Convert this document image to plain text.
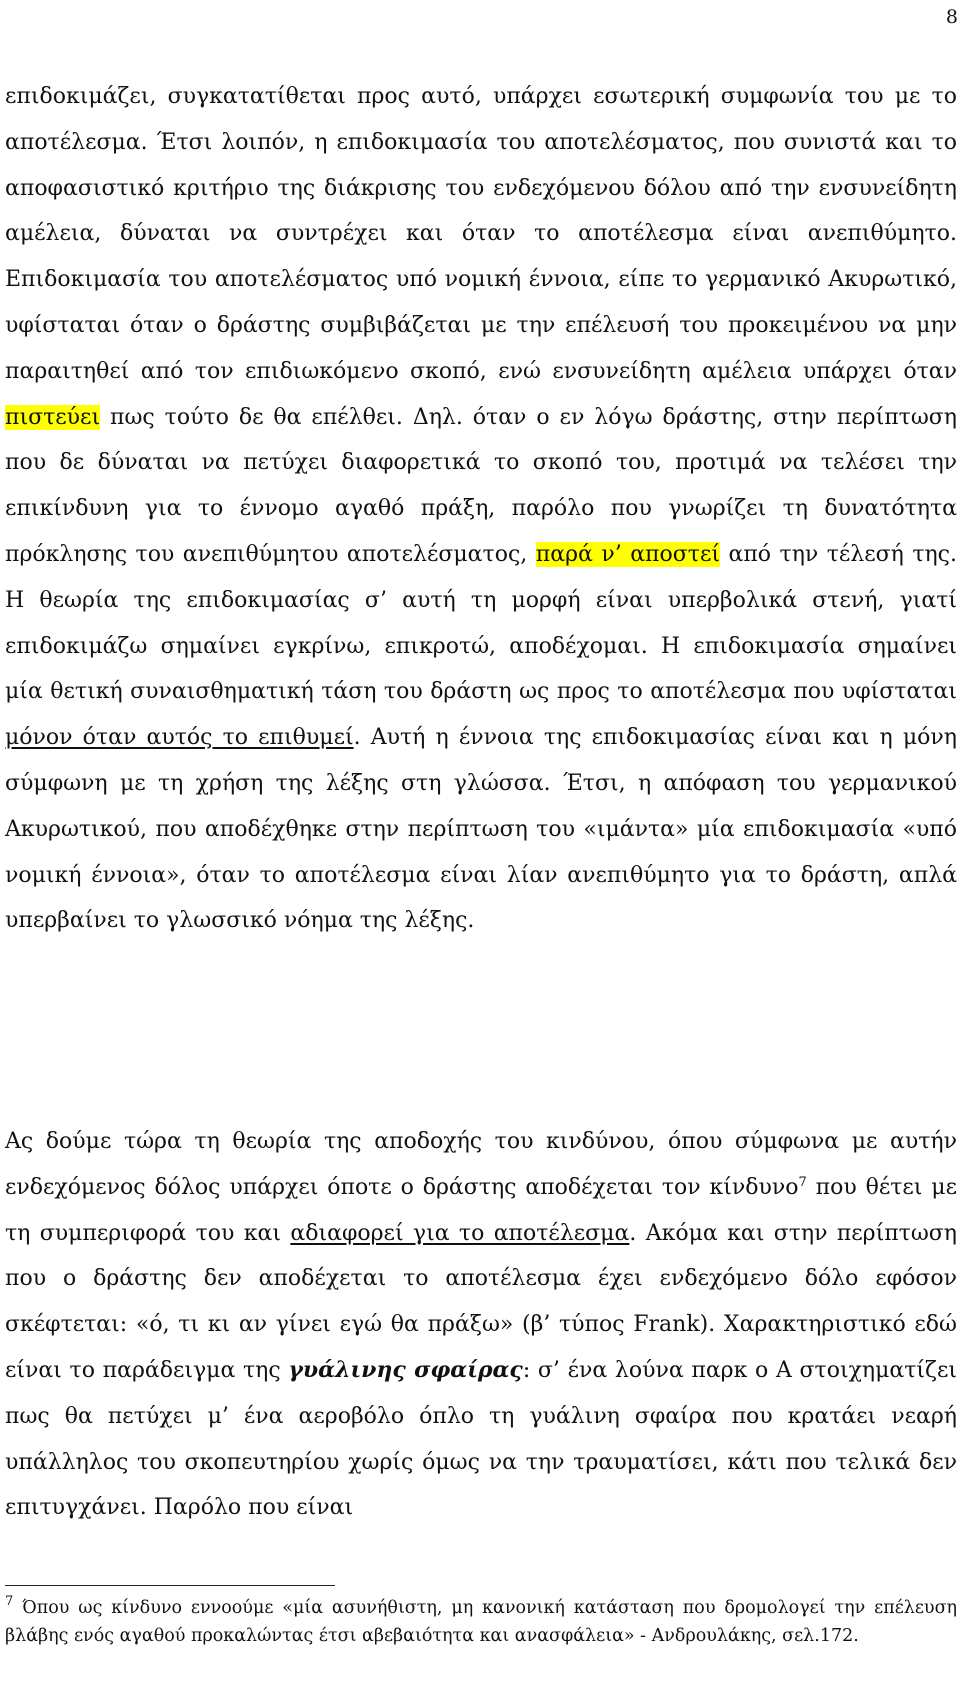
8

επιδοκιμάζει, συγκατατίθεται προς αυτό, υπάρχει εσωτερική συμφωνία του με το αποτέλεσμα. Έτσι λοιπόν, η επιδοκιμασία του αποτελέσματος, που συνιστά και το αποφασιστικό κριτήριο της διάκρισης του ενδεχόμενου δόλου από την ενσυνείδητη αμέλεια, δύναται να συντρέχει και όταν το αποτέλεσμα είναι ανεπιθύμητο. Επιδοκιμασία του αποτελέσματος υπό νομική έννοια, είπε το γερμανικό Ακυρωτικό, υφίσταται όταν ο δράστης συμβιβάζεται με την επέλευσή του προκειμένου να μην παραιτηθεί από τον επιδιωκόμενο σκοπό, ενώ ενσυνείδητη αμέλεια υπάρχει όταν πιστεύει πως τούτο δε θα επέλθει. Δηλ. όταν ο εν λόγω δράστης, στην περίπτωση που δε δύναται να πετύχει διαφορετικά το σκοπό του, προτιμά να τελέσει την επικίνδυνη για το έννομο αγαθό πράξη, παρόλο που γνωρίζει τη δυνατότητα πρόκλησης του ανεπιθύμητου αποτελέσματος, παρά ν’ αποστεί από την τέλεσή της. Η θεωρία της επιδοκιμασίας σ’ αυτή τη μορφή είναι υπερβολικά στενή, γιατί επιδοκιμάζω σημαίνει εγκρίνω, επικροτώ, αποδέχομαι. Η επιδοκιμασία σημαίνει μία θετική συναισθηματική τάση του δράστη ως προς το αποτέλεσμα που υφίσταται μόνον όταν αυτός το επιθυμεί. Αυτή η έννοια της επιδοκιμασίας είναι και η μόνη σύμφωνη με τη χρήση της λέξης στη γλώσσα. Έτσι, η απόφαση του γερμανικού Ακυρωτικού, που αποδέχθηκε στην περίπτωση του «ιμάντα» μία επιδοκιμασία «υπό νομική έννοια», όταν το αποτέλεσμα είναι λίαν ανεπιθύμητο για το δράστη, απλά υπερβαίνει το γλωσσικό νόημα της λέξης.

Ας δούμε τώρα τη θεωρία της αποδοχής του κινδύνου, όπου σύμφωνα με αυτήν ενδεχόμενος δόλος υπάρχει όποτε ο δράστης αποδέχεται τον κίνδυνο$^7$ που θέτει με τη συμπεριφορά του και αδιαφορεί για το αποτέλεσμα. Ακόμα και στην περίπτωση που ο δράστης δεν αποδέχεται το αποτέλεσμα έχει ενδεχόμενο δόλο εφόσον σκέφτεται: «ό, τι κι αν γίνει εγώ θα πράξω» (β’ τύπος Frank). Χαρακτηριστικό εδώ είναι το παράδειγμα της γυάλινης σφαίρας: σ’ ένα λούνα παρκ ο Α στοιχηματίζει πως θα πετύχει μ’ ένα αεροβόλο όπλο τη γυάλινη σφαίρα που κρατάει νεαρή υπάλληλος του σκοπευτηρίου χωρίς όμως να την τραυματίσει, κάτι που τελικά δεν επιτυγχάνει. Παρόλο που είναι

$^7$ Όπου ως κίνδυνο εννοούμε «μία ασυνήθιστη, μη κανονική κατάσταση που δρομολογεί την επέλευση βλάβης ενός αγαθού προκαλώντας έτσι αβεβαιότητα και ανασφάλεια» - Ανδρουλάκης, σελ.172.
